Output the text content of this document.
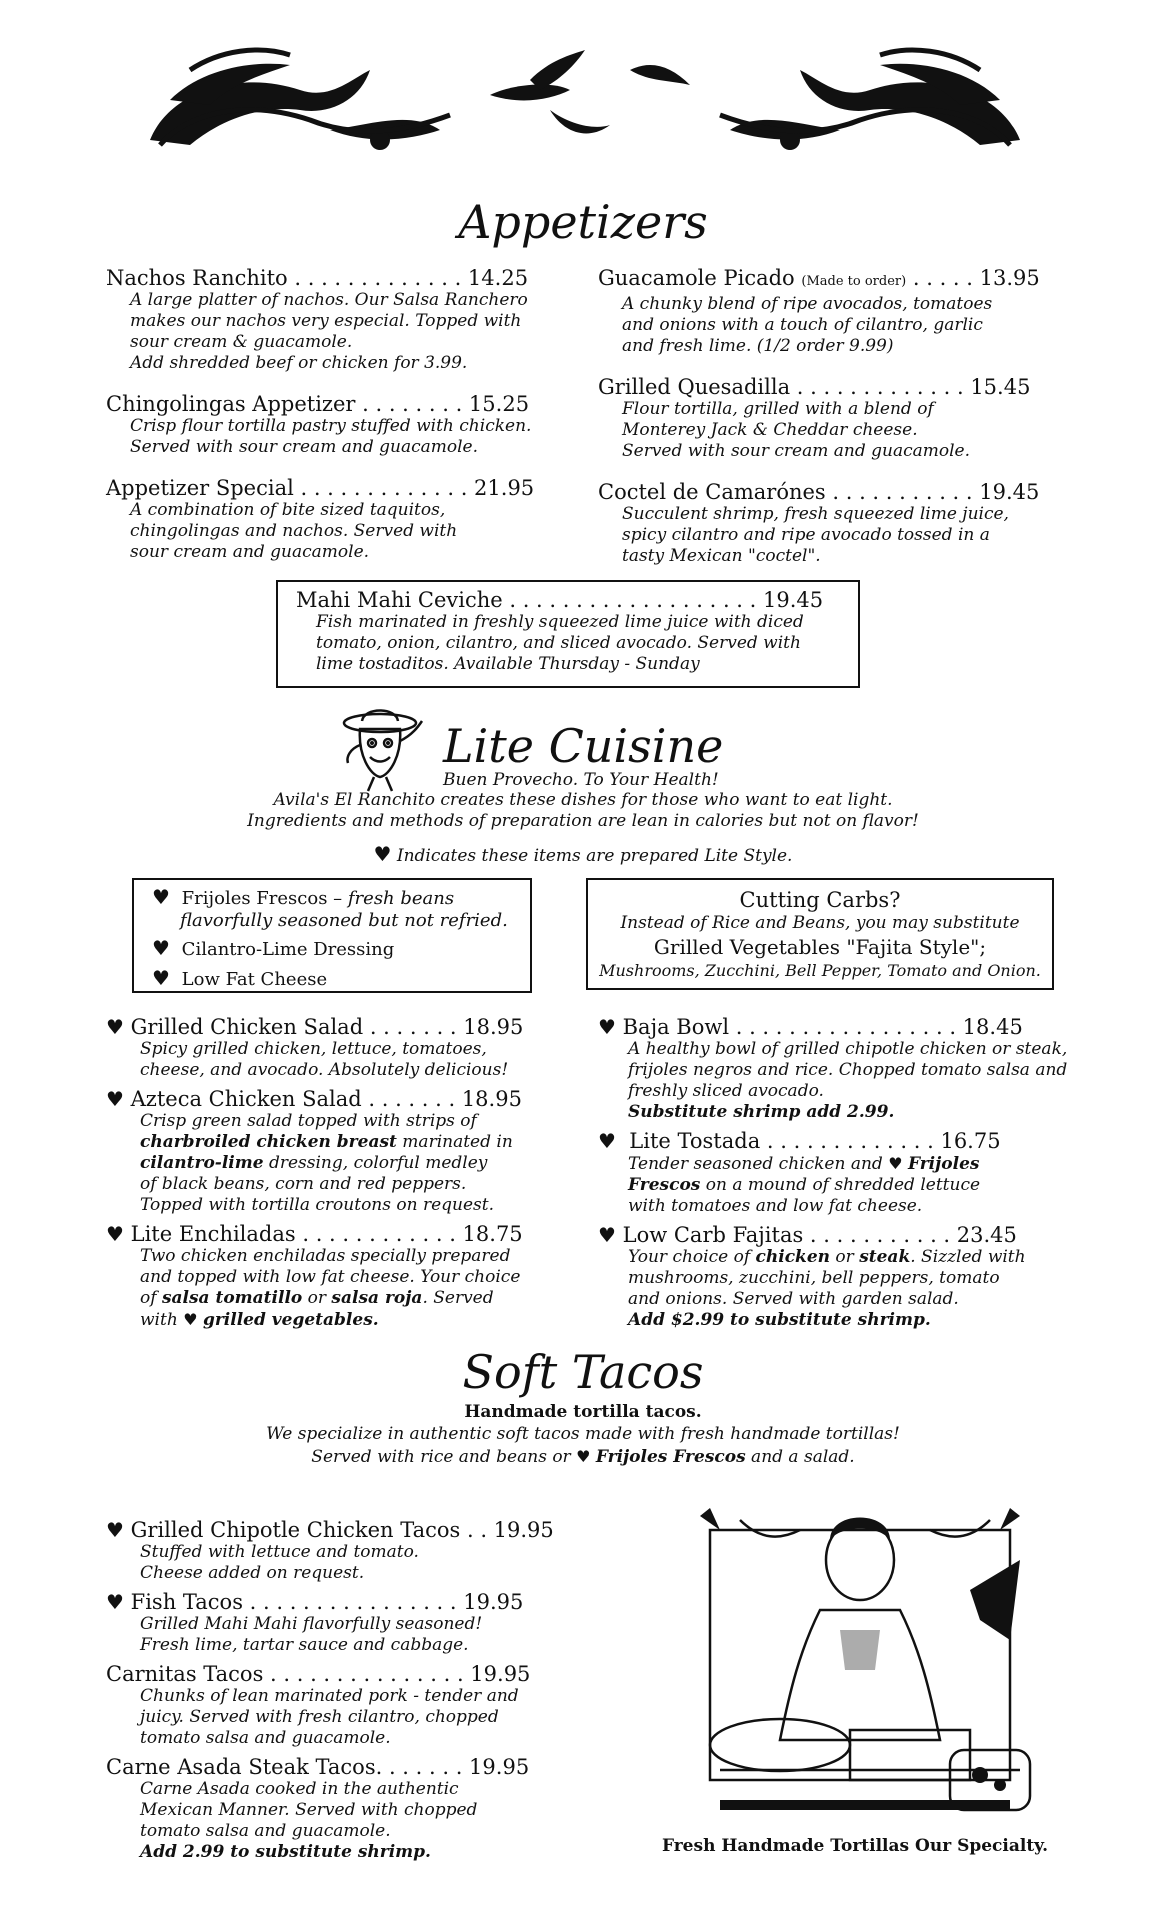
Appetizers
Nachos Ranchito . . . . . . . . . . . . . 14.25
A large platter of nachos. Our Salsa Ranchero
makes our nachos very especial. Topped with
sour cream & guacamole.
Add shredded beef or chicken for 3.99.
Chingolingas Appetizer . . . . . . . . 15.25
Crisp flour tortilla pastry stuffed with chicken.
Served with sour cream and guacamole.
Appetizer Special . . . . . . . . . . . . . 21.95
A combination of bite sized taquitos,
chingolingas and nachos. Served with
sour cream and guacamole.
Guacamole Picado (Made to order) . . . . . 13.95
A chunky blend of ripe avocados, tomatoes
and onions with a touch of cilantro, garlic
and fresh lime. (1/2 order 9.99)
Grilled Quesadilla . . . . . . . . . . . . . 15.45
Flour tortilla, grilled with a blend of
Monterey Jack & Cheddar cheese.
Served with sour cream and guacamole.
Coctel de Camarónes . . . . . . . . . . . 19.45
Succulent shrimp, fresh squeezed lime juice,
spicy cilantro and ripe avocado tossed in a
tasty Mexican "coctel".
Mahi Mahi Ceviche . . . . . . . . . . . . . . . . . . . 19.45
Fish marinated in freshly squeezed lime juice with diced
tomato, onion, cilantro, and sliced avocado. Served with
lime tostaditos. Available Thursday - Sunday
Lite Cuisine
Buen Provecho. To Your Health!
Avila's El Ranchito creates these dishes for those who want to eat light.
Ingredients and methods of preparation are lean in calories but not on flavor!
♥ Indicates these items are prepared Lite Style.
♥ Frijoles Frescos – fresh beans
flavorfully seasoned but not refried.
♥ Cilantro-Lime Dressing
♥ Low Fat Cheese
Cutting Carbs?
Instead of Rice and Beans, you may substitute
Grilled Vegetables "Fajita Style";
Mushrooms, Zucchini, Bell Pepper, Tomato and Onion.
♥ Grilled Chicken Salad . . . . . . . 18.95
Spicy grilled chicken, lettuce, tomatoes,
cheese, and avocado. Absolutely delicious!
♥ Azteca Chicken Salad . . . . . . . 18.95
Crisp green salad topped with strips of
charbroiled chicken breast marinated in
cilantro-lime dressing, colorful medley
of black beans, corn and red peppers.
Topped with tortilla croutons on request.
♥ Lite Enchiladas . . . . . . . . . . . . 18.75
Two chicken enchiladas specially prepared
and topped with low fat cheese. Your choice
of salsa tomatillo or salsa roja. Served
with ♥ grilled vegetables.
♥ Baja Bowl . . . . . . . . . . . . . . . . . 18.45
A healthy bowl of grilled chipotle chicken or steak,
frijoles negros and rice. Chopped tomato salsa and
freshly sliced avocado.
Substitute shrimp add 2.99.
♥ Lite Tostada . . . . . . . . . . . . . 16.75
Tender seasoned chicken and ♥ Frijoles
Frescos on a mound of shredded lettuce
with tomatoes and low fat cheese.
♥ Low Carb Fajitas . . . . . . . . . . . 23.45
Your choice of chicken or steak. Sizzled with
mushrooms, zucchini, bell peppers, tomato
and onions. Served with garden salad.
Add $2.99 to substitute shrimp.
Soft Tacos
Handmade tortilla tacos.
We specialize in authentic soft tacos made with fresh handmade tortillas!
Served with rice and beans or ♥ Frijoles Frescos and a salad.
♥ Grilled Chipotle Chicken Tacos . . 19.95
Stuffed with lettuce and tomato.
Cheese added on request.
♥ Fish Tacos . . . . . . . . . . . . . . . . 19.95
Grilled Mahi Mahi flavorfully seasoned!
Fresh lime, tartar sauce and cabbage.
Carnitas Tacos . . . . . . . . . . . . . . . 19.95
Chunks of lean marinated pork - tender and
juicy. Served with fresh cilantro, chopped
tomato salsa and guacamole.
Carne Asada Steak Tacos. . . . . . . 19.95
Carne Asada cooked in the authentic
Mexican Manner. Served with chopped
tomato salsa and guacamole.
Add 2.99 to substitute shrimp.	Fresh Handmade Tortillas Our Specialty.
